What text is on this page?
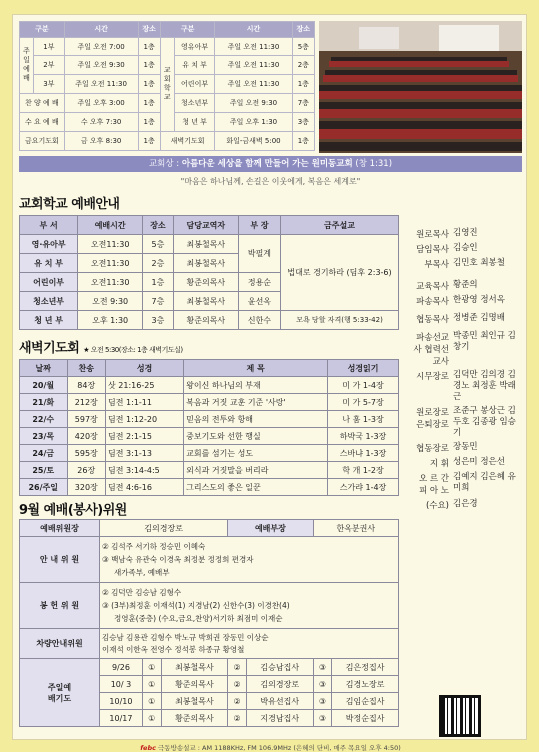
구분		시간	장소	구분		시간	장소
주일예배	1부	주일 오전 7:00	1층	교회학교	영유아부	주일 오전 11:30	5층
	2부	주일 오전 9:30	1층		유 치 부	주일 오전 11:30	2층
	3부	주일 오전 11:30	1층		어린이부	주일 오전 11:30	1층
찬 양 예 배		주일 오후 3:00	1층		청소년부	주일 오전 9:30	7층
수 요 예 배		수 오후 7:30	1층		청 년 부	주일 오후 1:30	3층
금요기도회		금 오후 8:30	1층	새벽기도회		화일-금새벽 5:00	1층
교회상 : 아름다운 세상을 함께 만들어 가는 원미동교회 (창 1:31)
"마음은 하나님께, 손길은 이웃에게, 복음은 세계로"
교회학교 예배안내
부 서	예배시간	장소	담당교역자	부 장	금주설교
영·유아부	오전11:30	5층	최봉철목사	박필계	법대로 경기하라 (딤후 2:3-6)
유 치 부	오전11:30	2층	최봉철목사		
어린이부	오전11:30	1층	황준의목사	정용순	
청소년부	오전 9:30	7층	최봉철목사	윤선옥	
청 년 부	오후 1:30	3층	황준의목사	신한수	모욕 당할 자격(행 5:33-42)
새벽기도회 ★ 오전 5:30(장소: 1층 새벽기도실)
날짜	찬송	성경	제 목	성경읽기
20/월	84장	삿 21:16-25	왕이신 하나님의 부재	미 가 1-4장
21/화	212장	딤전 1:1-11	복음과 거짓 교훈 기준 '사랑'	미 가 5-7장
22/수	597장	딤전 1:12-20	믿음의 전투와 항해	나 훔 1-3장
23/목	420장	딤전 2:1-15	중보기도와 선한 행실	하박국 1-3장
24/금	595장	딤전 3:1-13	교회를 섬기는 성도	스바냐 1-3장
25/토	26장	딤전 3:14-4:5	외식과 거짓말을 버리라	학 개 1-2장
26/주일	320장	딤전 4:6-16	그리스도의 좋은 일꾼	스가랴 1-4장
9월 예배(봉사)위원
예배위원장	김의경장로			예배부장		한옥분권사	
안 내 위 원	② 김석주 서기하 정승민 이혜숙
③ 백남숙 유관숙 이경옥 최정분 정정희 편경자
새가족부, 예배부						

봉 헌 위 원	② 김덕만 김승남 김형수
③ (3부)최정훈 이재석(1) 지경남(2) 신한수(3) 이경찬(4)
정영훈(중층) (수요,금요,찬양)서기하 최점미 이재순						

차량안내위원	김승남 김용관 김형수 박노규 박희권 장동민 이상순
이재석 이한옥 전영수 정석봉 하종규 황영철						

주일예배기도	9/26	①	최봉철목사	②	김승남집사	③	김은정집사
	10/ 3	①	황준의목사	②	김의경장로	③	김경노장로
	10/10	①	최봉철목사	②	박유선집사	③	김임순집사
	10/17	①	황준의목사	②	지경남집사	③	박정순집사
원로목사 김영진
담임목사 김승인
부목사 김민호 최봉철
교육목사 황준의
파송목사 한광영 정서옥
협동목사 정병준 김명배
파송선교사 협력선교사
박종민 최인규 김창기
시무장로 김덕만 김의경 김경노 최정훈 박래근
원로장로 은퇴장로
조준구 봉상근 김두호 김종광 임승기
협동장로 장동민
지 휘 성은미 정은선
오 르 간 피 아 노
김예지 김은혜 유미희
(수요) 김은경
febc 극동방송설교 : AM 1188KHz, FM 106.9MHz (은혜의 단비, 매주 목요일 오후 4:50)
